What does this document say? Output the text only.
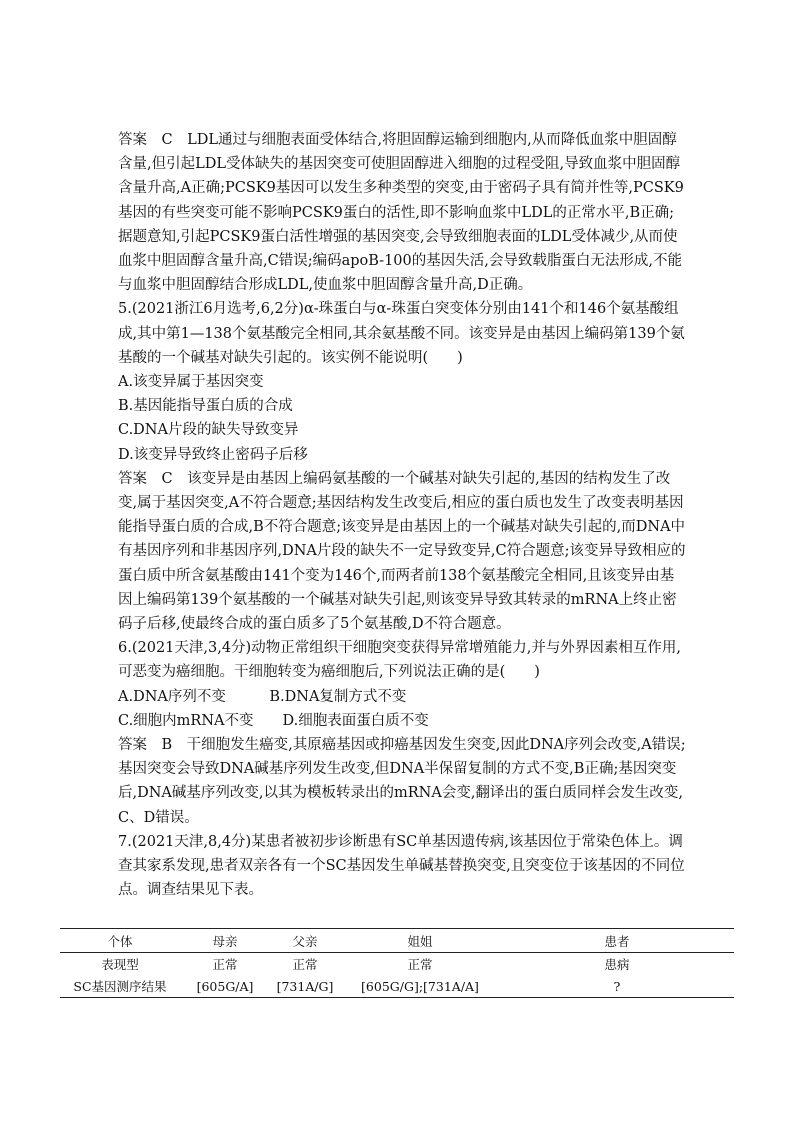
答案　C　LDL通过与细胞表面受体结合,将胆固醇运输到细胞内,从而降低血浆中胆固醇含量,但引起LDL受体缺失的基因突变可使胆固醇进入细胞的过程受阻,导致血浆中胆固醇含量升高,A正确;PCSK9基因可以发生多种类型的突变,由于密码子具有简并性等,PCSK9基因的有些突变可能不影响PCSK9蛋白的活性,即不影响血浆中LDL的正常水平,B正确;据题意知,引起PCSK9蛋白活性增强的基因突变,会导致细胞表面的LDL受体减少,从而使血浆中胆固醇含量升高,C错误;编码apoB-100的基因失活,会导致载脂蛋白无法形成,不能与血浆中胆固醇结合形成LDL,使血浆中胆固醇含量升高,D正确。

5.(2021浙江6月选考,6,2分)α-珠蛋白与α-珠蛋白突变体分别由141个和146个氨基酸组成,其中第1—138个氨基酸完全相同,其余氨基酸不同。该变异是由基因上编码第139个氨基酸的一个碱基对缺失引起的。该实例不能说明(　　)

A.该变异属于基因突变

B.基因能指导蛋白质的合成

C.DNA片段的缺失导致变异

D.该变异导致终止密码子后移

答案　C　该变异是由基因上编码氨基酸的一个碱基对缺失引起的,基因的结构发生了改变,属于基因突变,A不符合题意;基因结构发生改变后,相应的蛋白质也发生了改变表明基因能指导蛋白质的合成,B不符合题意;该变异是由基因上的一个碱基对缺失引起的,而DNA中有基因序列和非基因序列,DNA片段的缺失不一定导致变异,C符合题意;该变异导致相应的蛋白质中所含氨基酸由141个变为146个,而两者前138个氨基酸完全相同,且该变异由基因上编码第139个氨基酸的一个碱基对缺失引起,则该变异导致其转录的mRNA上终止密码子后移,使最终合成的蛋白质多了5个氨基酸,D不符合题意。

6.(2021天津,3,4分)动物正常组织干细胞突变获得异常增殖能力,并与外界因素相互作用,可恶变为癌细胞。干细胞转变为癌细胞后,下列说法正确的是(　　)

A.DNA序列不变　　　B.DNA复制方式不变

C.细胞内mRNA不变　　D.细胞表面蛋白质不变

答案　B　干细胞发生癌变,其原癌基因或抑癌基因发生突变,因此DNA序列会改变,A错误;基因突变会导致DNA碱基序列发生改变,但DNA半保留复制的方式不变,B正确;基因突变后,DNA碱基序列改变,以其为模板转录出的mRNA会变,翻译出的蛋白质同样会发生改变,C、D错误。

7.(2021天津,8,4分)某患者被初步诊断患有SC单基因遗传病,该基因位于常染色体上。调查其家系发现,患者双亲各有一个SC基因发生单碱基替换突变,且突变位于该基因的不同位点。调查结果见下表。

个体	母亲	父亲	姐姐	患者
表现型	正常	正常	正常	患病
SC基因测序结果	[605G/A]	[731A/G]	[605G/G];[731A/A]	?
